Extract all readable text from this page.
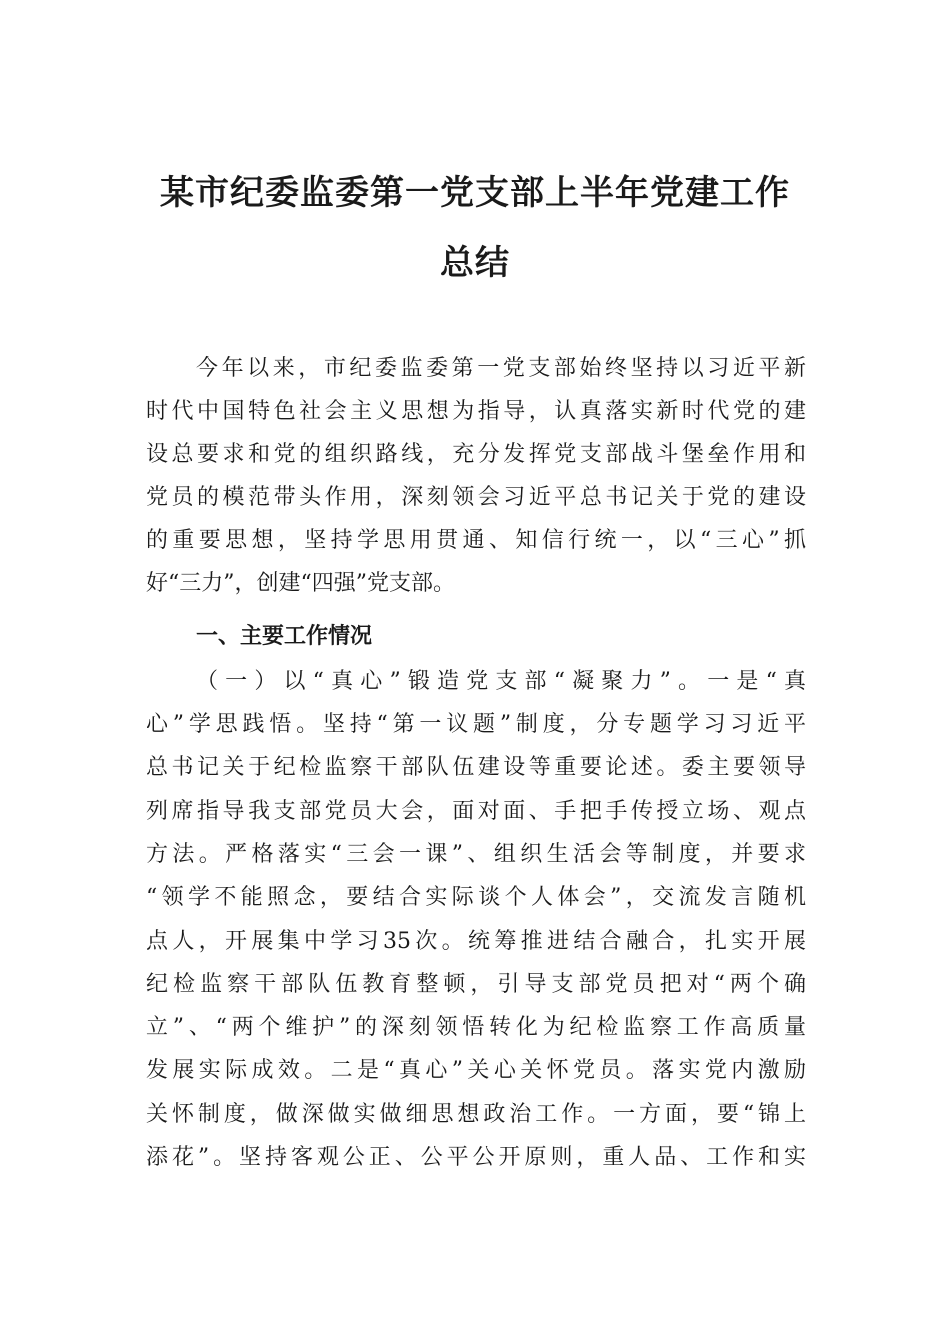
某市纪委监委第一党支部上半年党建工作
总结
今年以来，市纪委监委第一党支部始终坚持以习近平新
时代中国特色社会主义思想为指导，认真落实新时代党的建
设总要求和党的组织路线，充分发挥党支部战斗堡垒作用和
党员的模范带头作用，深刻领会习近平总书记关于党的建设
的重要思想，坚持学思用贯通、知信行统一，以“三心”抓
好“三力”，创建“四强”党支部。
一、主要工作情况
（一）以“真心”锻造党支部“凝聚力”。一是“真
心”学思践悟。坚持“第一议题”制度，分专题学习习近平
总书记关于纪检监察干部队伍建设等重要论述。委主要领导
列席指导我支部党员大会，面对面、手把手传授立场、观点
方法。严格落实“三会一课”、组织生活会等制度，并要求
“领学不能照念，要结合实际谈个人体会”，交流发言随机
点人，开展集中学习35次。统筹推进结合融合，扎实开展
纪检监察干部队伍教育整顿，引导支部党员把对“两个确
立”、“两个维护”的深刻领悟转化为纪检监察工作高质量
发展实际成效。二是“真心”关心关怀党员。落实党内激励
关怀制度，做深做实做细思想政治工作。一方面，要“锦上
添花”。坚持客观公正、公平公开原则，重人品、工作和实
